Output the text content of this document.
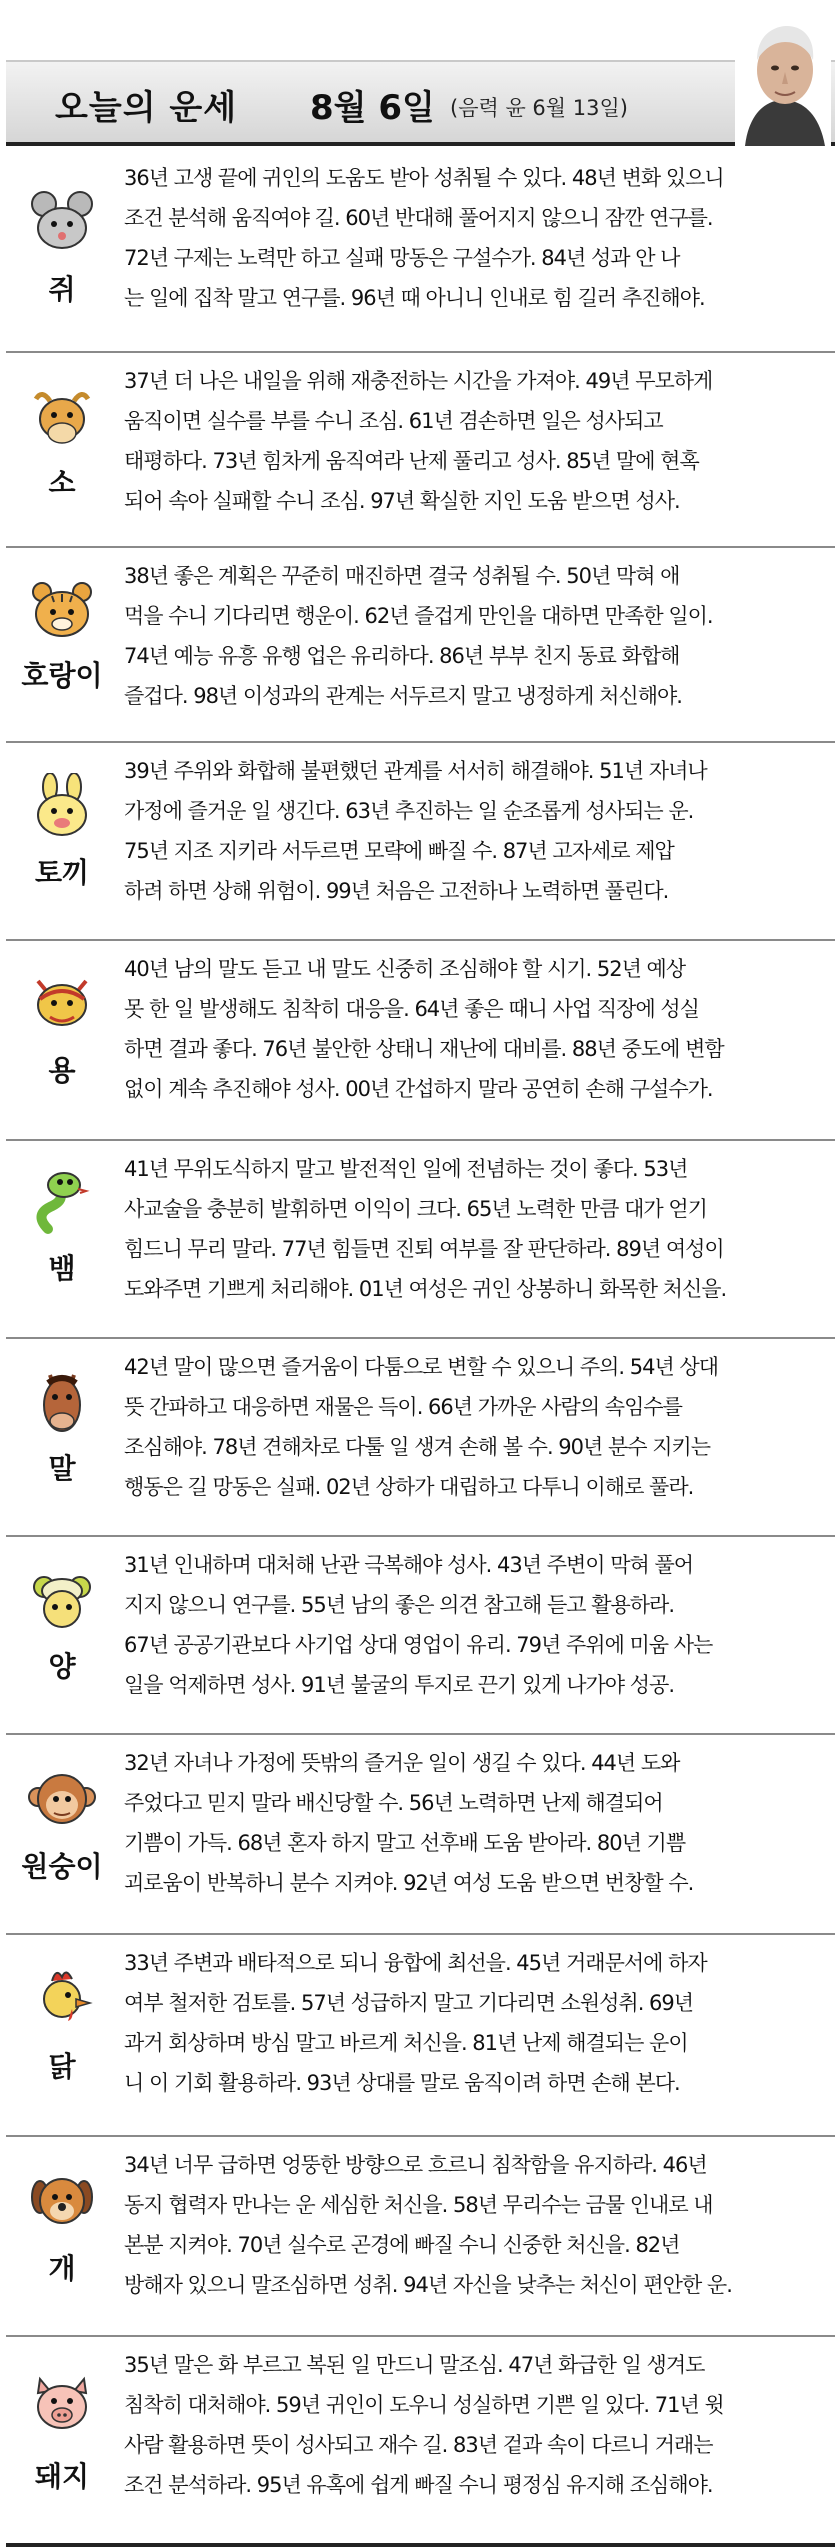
오늘의 운세 8월 6일 (음력 윤 6월 13일)
쥐
36년 고생 끝에 귀인의 도움도 받아 성취될 수 있다. 48년 변화 있으니
조건 분석해 움직여야 길. 60년 반대해 풀어지지 않으니 잠깐 연구를.
72년 구제는 노력만 하고 실패 망동은 구설수가. 84년 성과 안 나
는 일에 집착 말고 연구를. 96년 때 아니니 인내로 힘 길러 추진해야.
소
37년 더 나은 내일을 위해 재충전하는 시간을 가져야. 49년 무모하게
움직이면 실수를 부를 수니 조심. 61년 겸손하면 일은 성사되고
태평하다. 73년 힘차게 움직여라 난제 풀리고 성사. 85년 말에 현혹
되어 속아 실패할 수니 조심. 97년 확실한 지인 도움 받으면 성사.
호랑이
38년 좋은 계획은 꾸준히 매진하면 결국 성취될 수. 50년 막혀 애
먹을 수니 기다리면 행운이. 62년 즐겁게 만인을 대하면 만족한 일이.
74년 예능 유흥 유행 업은 유리하다. 86년 부부 친지 동료 화합해
즐겁다. 98년 이성과의 관계는 서두르지 말고 냉정하게 처신해야.
토끼
39년 주위와 화합해 불편했던 관계를 서서히 해결해야. 51년 자녀나
가정에 즐거운 일 생긴다. 63년 추진하는 일 순조롭게 성사되는 운.
75년 지조 지키라 서두르면 모략에 빠질 수. 87년 고자세로 제압
하려 하면 상해 위험이. 99년 처음은 고전하나 노력하면 풀린다.
용
40년 남의 말도 듣고 내 말도 신중히 조심해야 할 시기. 52년 예상
못 한 일 발생해도 침착히 대응을. 64년 좋은 때니 사업 직장에 성실
하면 결과 좋다. 76년 불안한 상태니 재난에 대비를. 88년 중도에 변함
없이 계속 추진해야 성사. 00년 간섭하지 말라 공연히 손해 구설수가.
뱀
41년 무위도식하지 말고 발전적인 일에 전념하는 것이 좋다. 53년
사교술을 충분히 발휘하면 이익이 크다. 65년 노력한 만큼 대가 얻기
힘드니 무리 말라. 77년 힘들면 진퇴 여부를 잘 판단하라. 89년 여성이
도와주면 기쁘게 처리해야. 01년 여성은 귀인 상봉하니 화목한 처신을.
말
42년 말이 많으면 즐거움이 다툼으로 변할 수 있으니 주의. 54년 상대
뜻 간파하고 대응하면 재물은 득이. 66년 가까운 사람의 속임수를
조심해야. 78년 견해차로 다툴 일 생겨 손해 볼 수. 90년 분수 지키는
행동은 길 망동은 실패. 02년 상하가 대립하고 다투니 이해로 풀라.
양
31년 인내하며 대처해 난관 극복해야 성사. 43년 주변이 막혀 풀어
지지 않으니 연구를. 55년 남의 좋은 의견 참고해 듣고 활용하라.
67년 공공기관보다 사기업 상대 영업이 유리. 79년 주위에 미움 사는
일을 억제하면 성사. 91년 불굴의 투지로 끈기 있게 나가야 성공.
원숭이
32년 자녀나 가정에 뜻밖의 즐거운 일이 생길 수 있다. 44년 도와
주었다고 믿지 말라 배신당할 수. 56년 노력하면 난제 해결되어
기쁨이 가득. 68년 혼자 하지 말고 선후배 도움 받아라. 80년 기쁨
괴로움이 반복하니 분수 지켜야. 92년 여성 도움 받으면 번창할 수.
닭
33년 주변과 배타적으로 되니 융합에 최선을. 45년 거래문서에 하자
여부 철저한 검토를. 57년 성급하지 말고 기다리면 소원성취. 69년
과거 회상하며 방심 말고 바르게 처신을. 81년 난제 해결되는 운이
니 이 기회 활용하라. 93년 상대를 말로 움직이려 하면 손해 본다.
개
34년 너무 급하면 엉뚱한 방향으로 흐르니 침착함을 유지하라. 46년
동지 협력자 만나는 운 세심한 처신을. 58년 무리수는 금물 인내로 내
본분 지켜야. 70년 실수로 곤경에 빠질 수니 신중한 처신을. 82년
방해자 있으니 말조심하면 성취. 94년 자신을 낮추는 처신이 편안한 운.
돼지
35년 말은 화 부르고 복된 일 만드니 말조심. 47년 화급한 일 생겨도
침착히 대처해야. 59년 귀인이 도우니 성실하면 기쁜 일 있다. 71년 윗
사람 활용하면 뜻이 성사되고 재수 길. 83년 겉과 속이 다르니 거래는
조건 분석하라. 95년 유혹에 쉽게 빠질 수니 평정심 유지해 조심해야.
